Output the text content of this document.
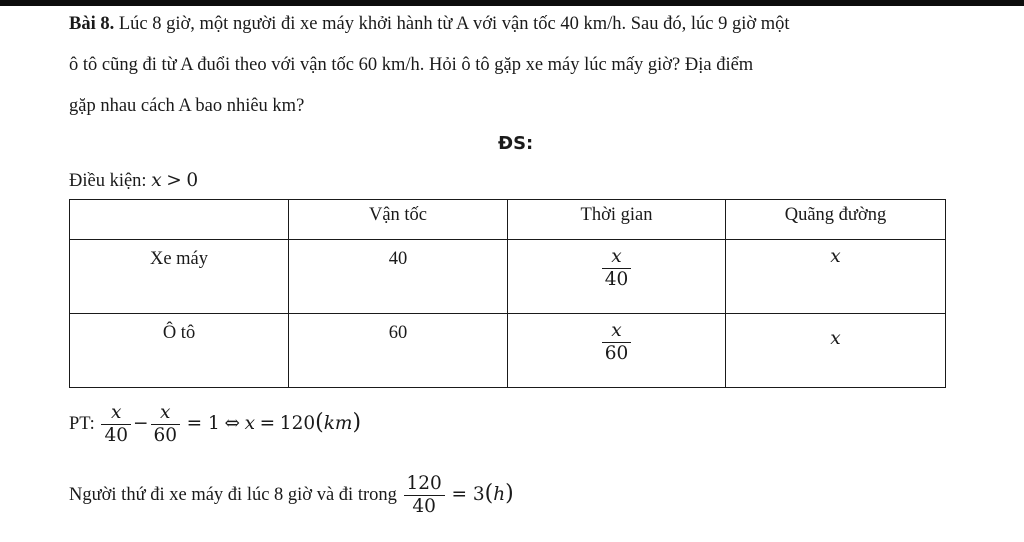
Bài 8. Lúc 8 giờ, một người đi xe máy khởi hành từ A với vận tốc 40 km/h. Sau đó, lúc 9 giờ một
ô tô cũng đi từ A đuổi theo với vận tốc 60 km/h. Hỏi ô tô gặp xe máy lúc mấy giờ? Địa điểm
gặp nhau cách A bao nhiêu km?
ĐS:
Điều kiện: x > 0

	Vận tốc	Thời gian	Quãng đường

Xe máy	40	$\frac{x}{40}$	x

Ô tô	60	$\frac{x}{60}$	x
PT: $\frac{x}{40} - \frac{x}{60} = 1$ ⇔ x = 120(km)
Người thứ đi xe máy đi lúc 8 giờ và đi trong $\frac{120}{40} = 3(h)$
